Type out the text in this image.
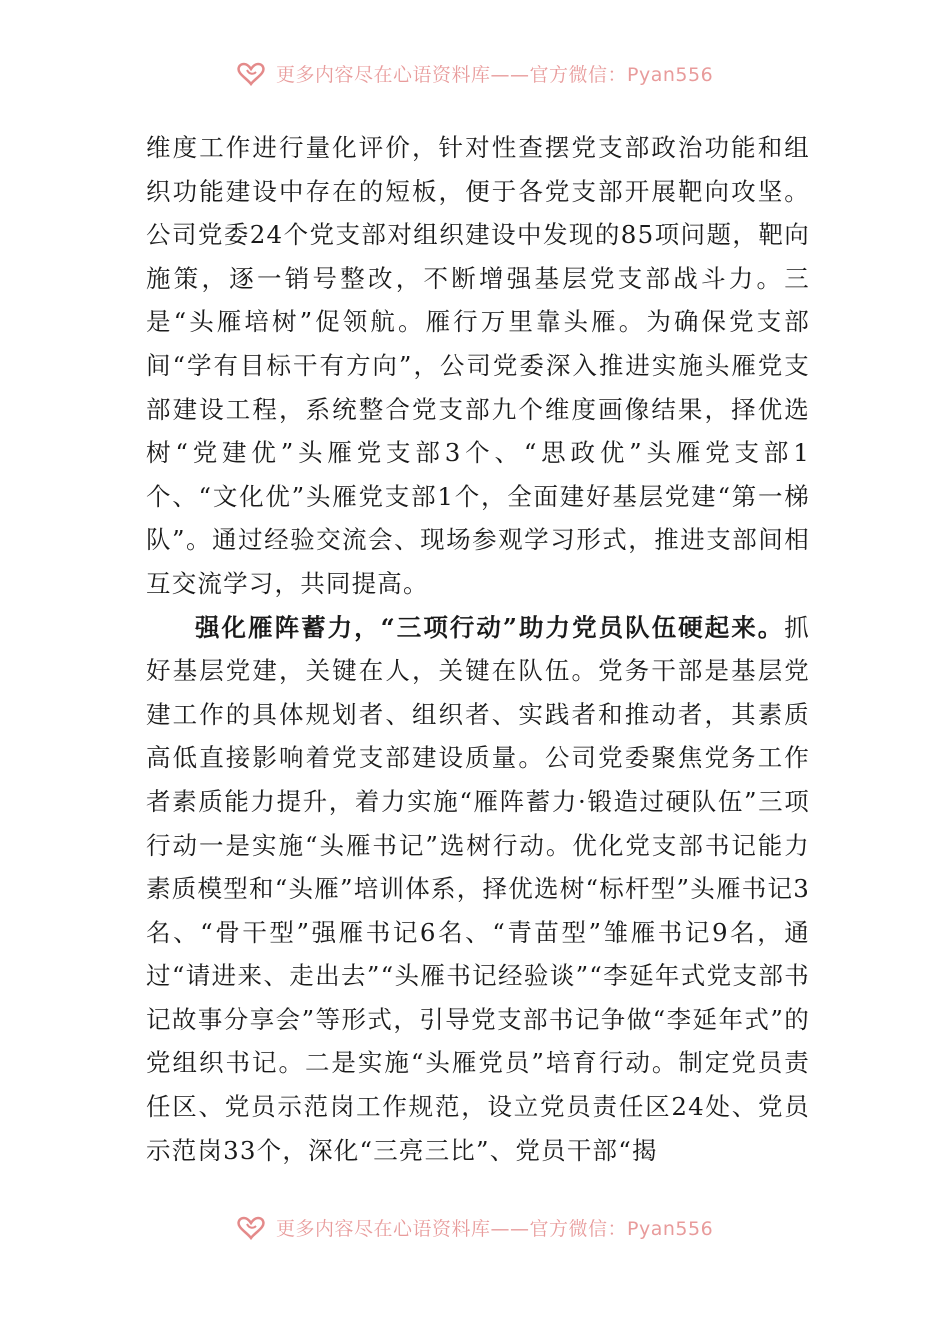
更多内容尽在心语资料库——官方微信：Pyan556

维度工作进行量化评价，针对性查摆党支部政治功能和组织功能建设中存在的短板，便于各党支部开展靶向攻坚。公司党委24个党支部对组织建设中发现的85项问题，靶向施策，逐一销号整改，不断增强基层党支部战斗力。三是“头雁培树”促领航。雁行万里靠头雁。为确保党支部间“学有目标干有方向”，公司党委深入推进实施头雁党支部建设工程，系统整合党支部九个维度画像结果，择优选树“党建优”头雁党支部3个、“思政优”头雁党支部1个、“文化优”头雁党支部1个，全面建好基层党建“第一梯队”。通过经验交流会、现场参观学习形式，推进支部间相互交流学习，共同提高。

强化雁阵蓄力，“三项行动”助力党员队伍硬起来。抓好基层党建，关键在人，关键在队伍。党务干部是基层党建工作的具体规划者、组织者、实践者和推动者，其素质高低直接影响着党支部建设质量。公司党委聚焦党务工作者素质能力提升，着力实施“雁阵蓄力·锻造过硬队伍”三项行动一是实施“头雁书记”选树行动。优化党支部书记能力素质模型和“头雁”培训体系，择优选树“标杆型”头雁书记3名、“骨干型”强雁书记6名、“青苗型”雏雁书记9名，通过“请进来、走出去”“头雁书记经验谈”“李延年式党支部书记故事分享会”等形式，引导党支部书记争做“李延年式”的党组织书记。二是实施“头雁党员”培育行动。制定党员责任区、党员示范岗工作规范，设立党员责任区24处、党员示范岗33个，深化“三亮三比”、党员干部“揭

更多内容尽在心语资料库——官方微信：Pyan556
